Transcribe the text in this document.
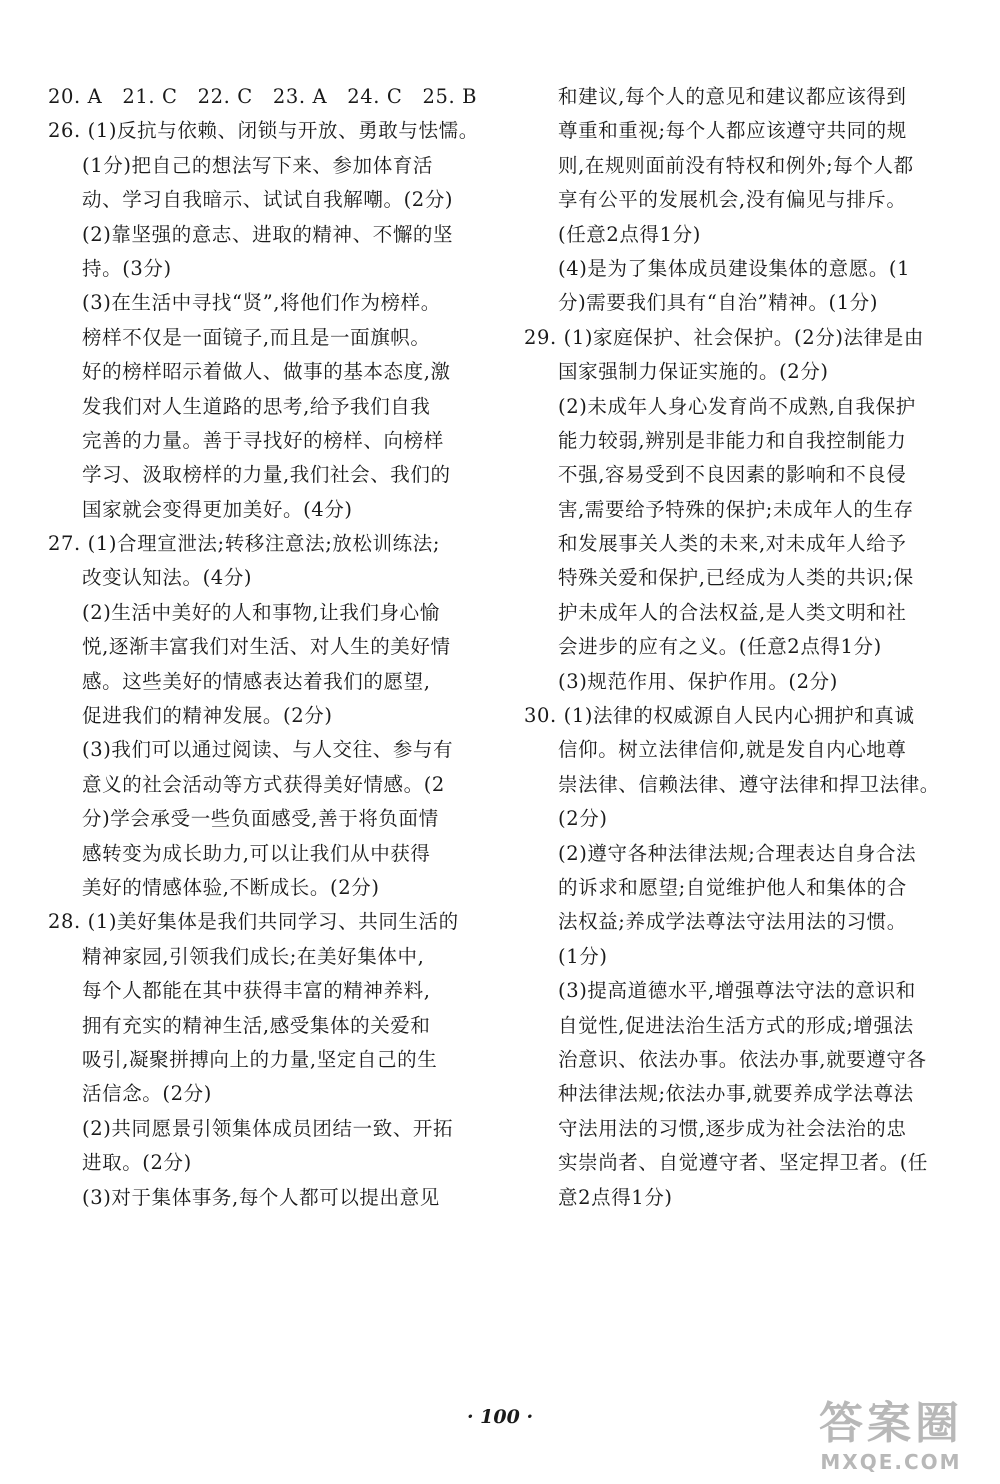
20. A　21. C　22. C　23. A　24. C　25. B
26. (1)反抗与依赖、闭锁与开放、勇敢与怯懦。
(1分)把自己的想法写下来、参加体育活
动、学习自我暗示、试试自我解嘲。(2分)
(2)靠坚强的意志、进取的精神、不懈的坚
持。(3分)
(3)在生活中寻找“贤”,将他们作为榜样。
榜样不仅是一面镜子,而且是一面旗帜。
好的榜样昭示着做人、做事的基本态度,激
发我们对人生道路的思考,给予我们自我
完善的力量。善于寻找好的榜样、向榜样
学习、汲取榜样的力量,我们社会、我们的
国家就会变得更加美好。(4分)
27. (1)合理宣泄法;转移注意法;放松训练法;
改变认知法。(4分)
(2)生活中美好的人和事物,让我们身心愉
悦,逐渐丰富我们对生活、对人生的美好情
感。这些美好的情感表达着我们的愿望,
促进我们的精神发展。(2分)
(3)我们可以通过阅读、与人交往、参与有
意义的社会活动等方式获得美好情感。(2
分)学会承受一些负面感受,善于将负面情
感转变为成长助力,可以让我们从中获得
美好的情感体验,不断成长。(2分)
28. (1)美好集体是我们共同学习、共同生活的
精神家园,引领我们成长;在美好集体中,
每个人都能在其中获得丰富的精神养料,
拥有充实的精神生活,感受集体的关爱和
吸引,凝聚拼搏向上的力量,坚定自己的生
活信念。(2分)
(2)共同愿景引领集体成员团结一致、开拓
进取。(2分)
(3)对于集体事务,每个人都可以提出意见
和建议,每个人的意见和建议都应该得到
尊重和重视;每个人都应该遵守共同的规
则,在规则面前没有特权和例外;每个人都
享有公平的发展机会,没有偏见与排斥。
(任意2点得1分)
(4)是为了集体成员建设集体的意愿。(1
分)需要我们具有“自治”精神。(1分)
29. (1)家庭保护、社会保护。(2分)法律是由
国家强制力保证实施的。(2分)
(2)未成年人身心发育尚不成熟,自我保护
能力较弱,辨别是非能力和自我控制能力
不强,容易受到不良因素的影响和不良侵
害,需要给予特殊的保护;未成年人的生存
和发展事关人类的未来,对未成年人给予
特殊关爱和保护,已经成为人类的共识;保
护未成年人的合法权益,是人类文明和社
会进步的应有之义。(任意2点得1分)
(3)规范作用、保护作用。(2分)
30. (1)法律的权威源自人民内心拥护和真诚
信仰。树立法律信仰,就是发自内心地尊
崇法律、信赖法律、遵守法律和捍卫法律。
(2分)
(2)遵守各种法律法规;合理表达自身合法
的诉求和愿望;自觉维护他人和集体的合
法权益;养成学法尊法守法用法的习惯。
(1分)
(3)提高道德水平,增强尊法守法的意识和
自觉性,促进法治生活方式的形成;增强法
治意识、依法办事。依法办事,就要遵守各
种法律法规;依法办事,就要养成学法尊法
守法用法的习惯,逐步成为社会法治的忠
实崇尚者、自觉遵守者、坚定捍卫者。(任
意2点得1分)
· 100 ·	答案圈
MXQE.COM
